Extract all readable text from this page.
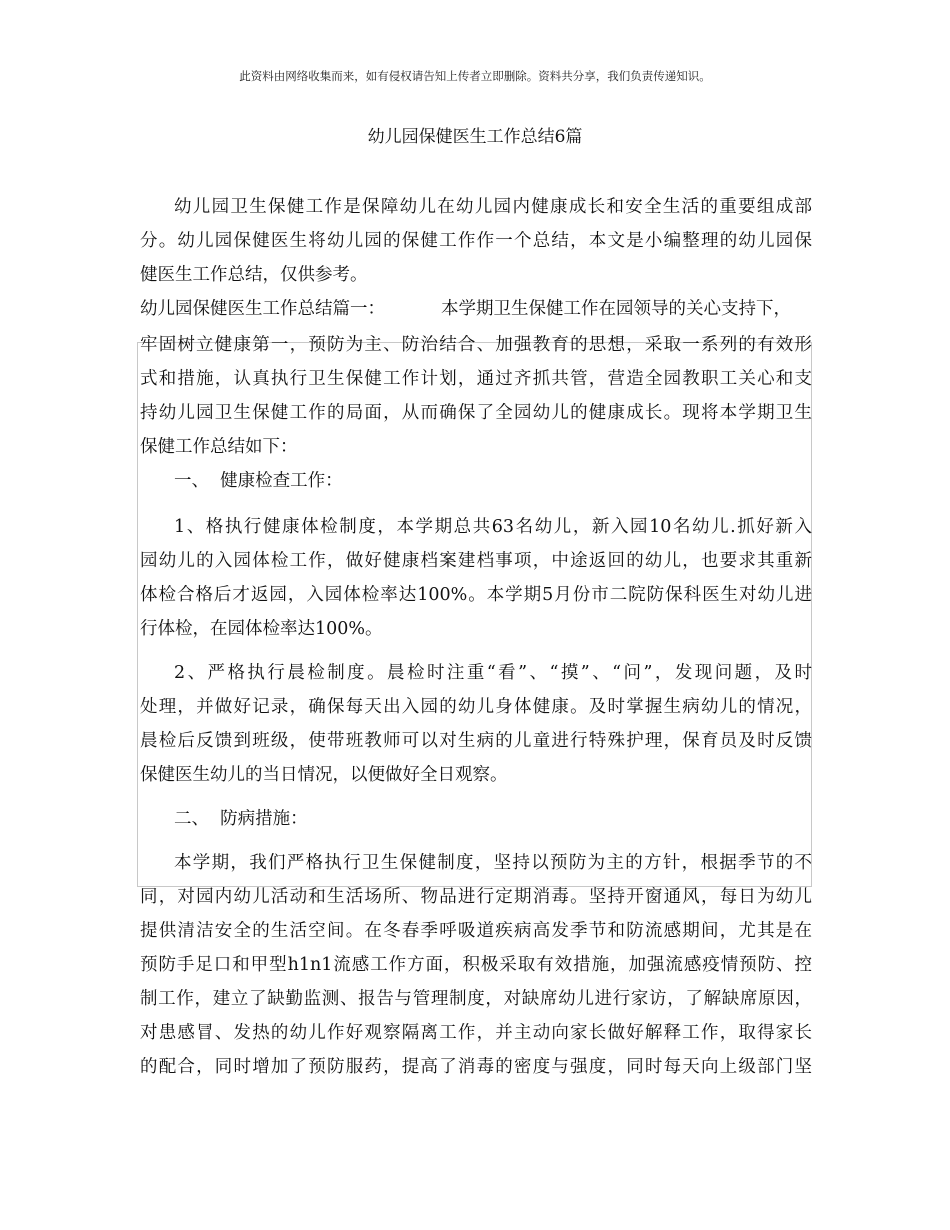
此资料由网络收集而来，如有侵权请告知上传者立即删除。资料共分享，我们负责传递知识。
幼儿园保健医生工作总结6篇
幼儿园卫生保健工作是保障幼儿在幼儿园内健康成长和安全生活的重要组成部
分。幼儿园保健医生将幼儿园的保健工作作一个总结，本文是小编整理的幼儿园保
健医生工作总结，仅供参考。
幼儿园保健医生工作总结篇一：	本学期卫生保健工作在园领导的关心支持下，
牢固树立健康第一，预防为主、防治结合、加强教育的思想，采取一系列的有效形
式和措施，认真执行卫生保健工作计划，通过齐抓共管，营造全园教职工关心和支
持幼儿园卫生保健工作的局面，从而确保了全园幼儿的健康成长。现将本学期卫生
保健工作总结如下：
一、  健康检查工作：
1、格执行健康体检制度，本学期总共63名幼儿，新入园10名幼儿.抓好新入
园幼儿的入园体检工作，做好健康档案建档事项，中途返回的幼儿，也要求其重新
体检合格后才返园，入园体检率达100%。本学期5月份市二院防保科医生对幼儿进
行体检，在园体检率达100%。
2、严格执行晨检制度。晨检时注重“看”、“摸”、“问”，发现问题，及时
处理，并做好记录，确保每天出入园的幼儿身体健康。及时掌握生病幼儿的情况，
晨检后反馈到班级，使带班教师可以对生病的儿童进行特殊护理，保育员及时反馈
保健医生幼儿的当日情况，以便做好全日观察。
二、  防病措施：
本学期，我们严格执行卫生保健制度，坚持以预防为主的方针，根据季节的不
同，对园内幼儿活动和生活场所、物品进行定期消毒。坚持开窗通风，每日为幼儿
提供清洁安全的生活空间。在冬春季呼吸道疾病高发季节和防流感期间，尤其是在
预防手足口和甲型h1n1流感工作方面，积极采取有效措施，加强流感疫情预防、控
制工作，建立了缺勤监测、报告与管理制度，对缺席幼儿进行家访，了解缺席原因，
对患感冒、发热的幼儿作好观察隔离工作，并主动向家长做好解释工作，取得家长
的配合，同时增加了预防服药，提高了消毒的密度与强度，同时每天向上级部门坚
